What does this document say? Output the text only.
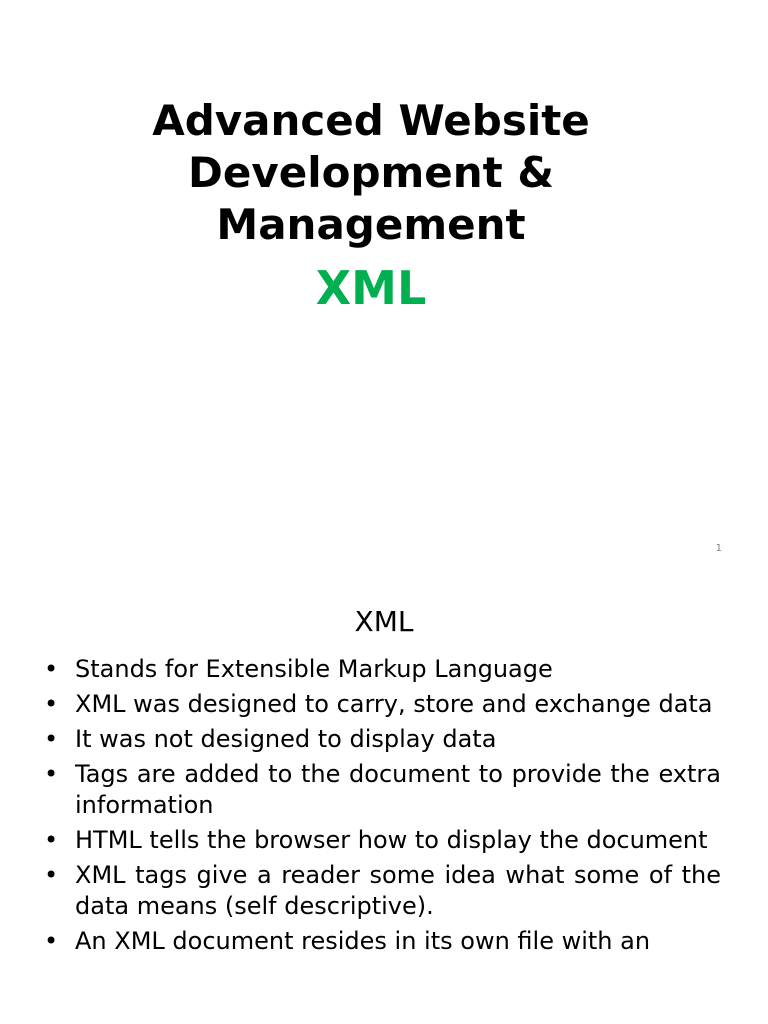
Advanced Website Development & Management
XML
1
XML
• Stands for Extensible Markup Language
• XML was designed to carry, store and exchange data
• It was not designed to display data
• Tags are added to the document to provide the extra information
• HTML tells the browser how to display the document
• XML tags give a reader some idea what some of the data means (self descriptive).
• An XML document resides in its own file with an
